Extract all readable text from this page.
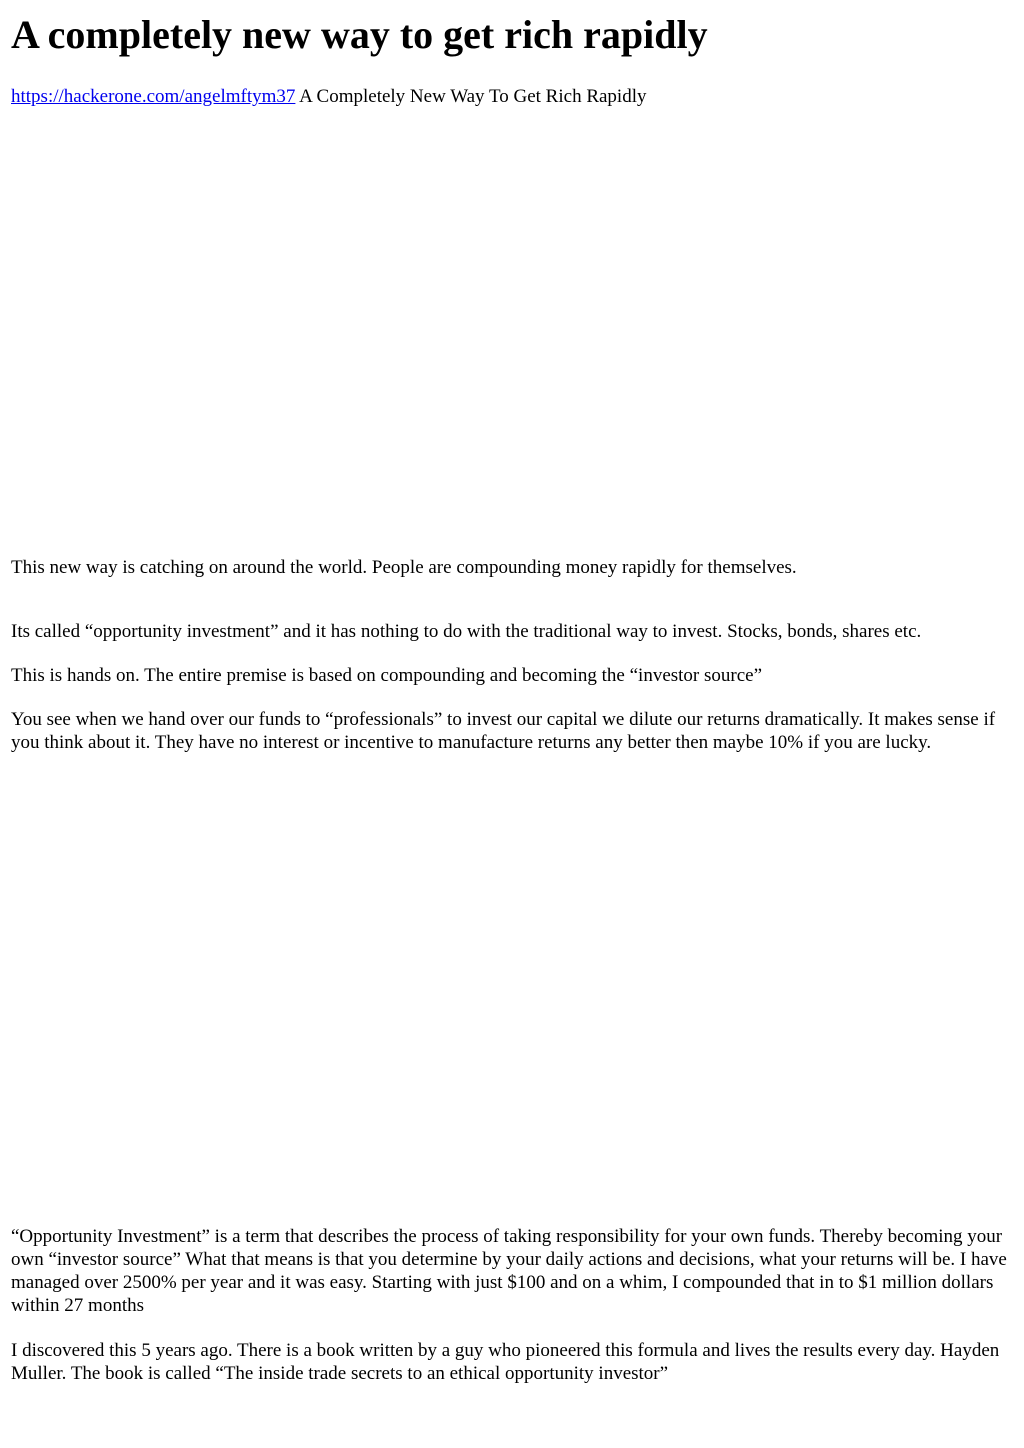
A completely new way to get rich rapidly

https://hackerone.com/angelmftym37 A Completely New Way To Get Rich Rapidly

This new way is catching on around the world. People are compounding money rapidly for themselves.

Its called “opportunity investment” and it has nothing to do with the traditional way to invest. Stocks, bonds, shares etc.

This is hands on. The entire premise is based on compounding and becoming the “investor source”

You see when we hand over our funds to “professionals” to invest our capital we dilute our returns dramatically. It makes sense if you think about it. They have no interest or incentive to manufacture returns any better then maybe 10% if you are lucky.

“Opportunity Investment” is a term that describes the process of taking responsibility for your own funds. Thereby becoming your own “investor source” What that means is that you determine by your daily actions and decisions, what your returns will be. I have managed over 2500% per year and it was easy. Starting with just $100 and on a whim, I compounded that in to $1 million dollars within 27 months

I discovered this 5 years ago. There is a book written by a guy who pioneered this formula and lives the results every day. Hayden Muller. The book is called “The inside trade secrets to an ethical opportunity investor”
